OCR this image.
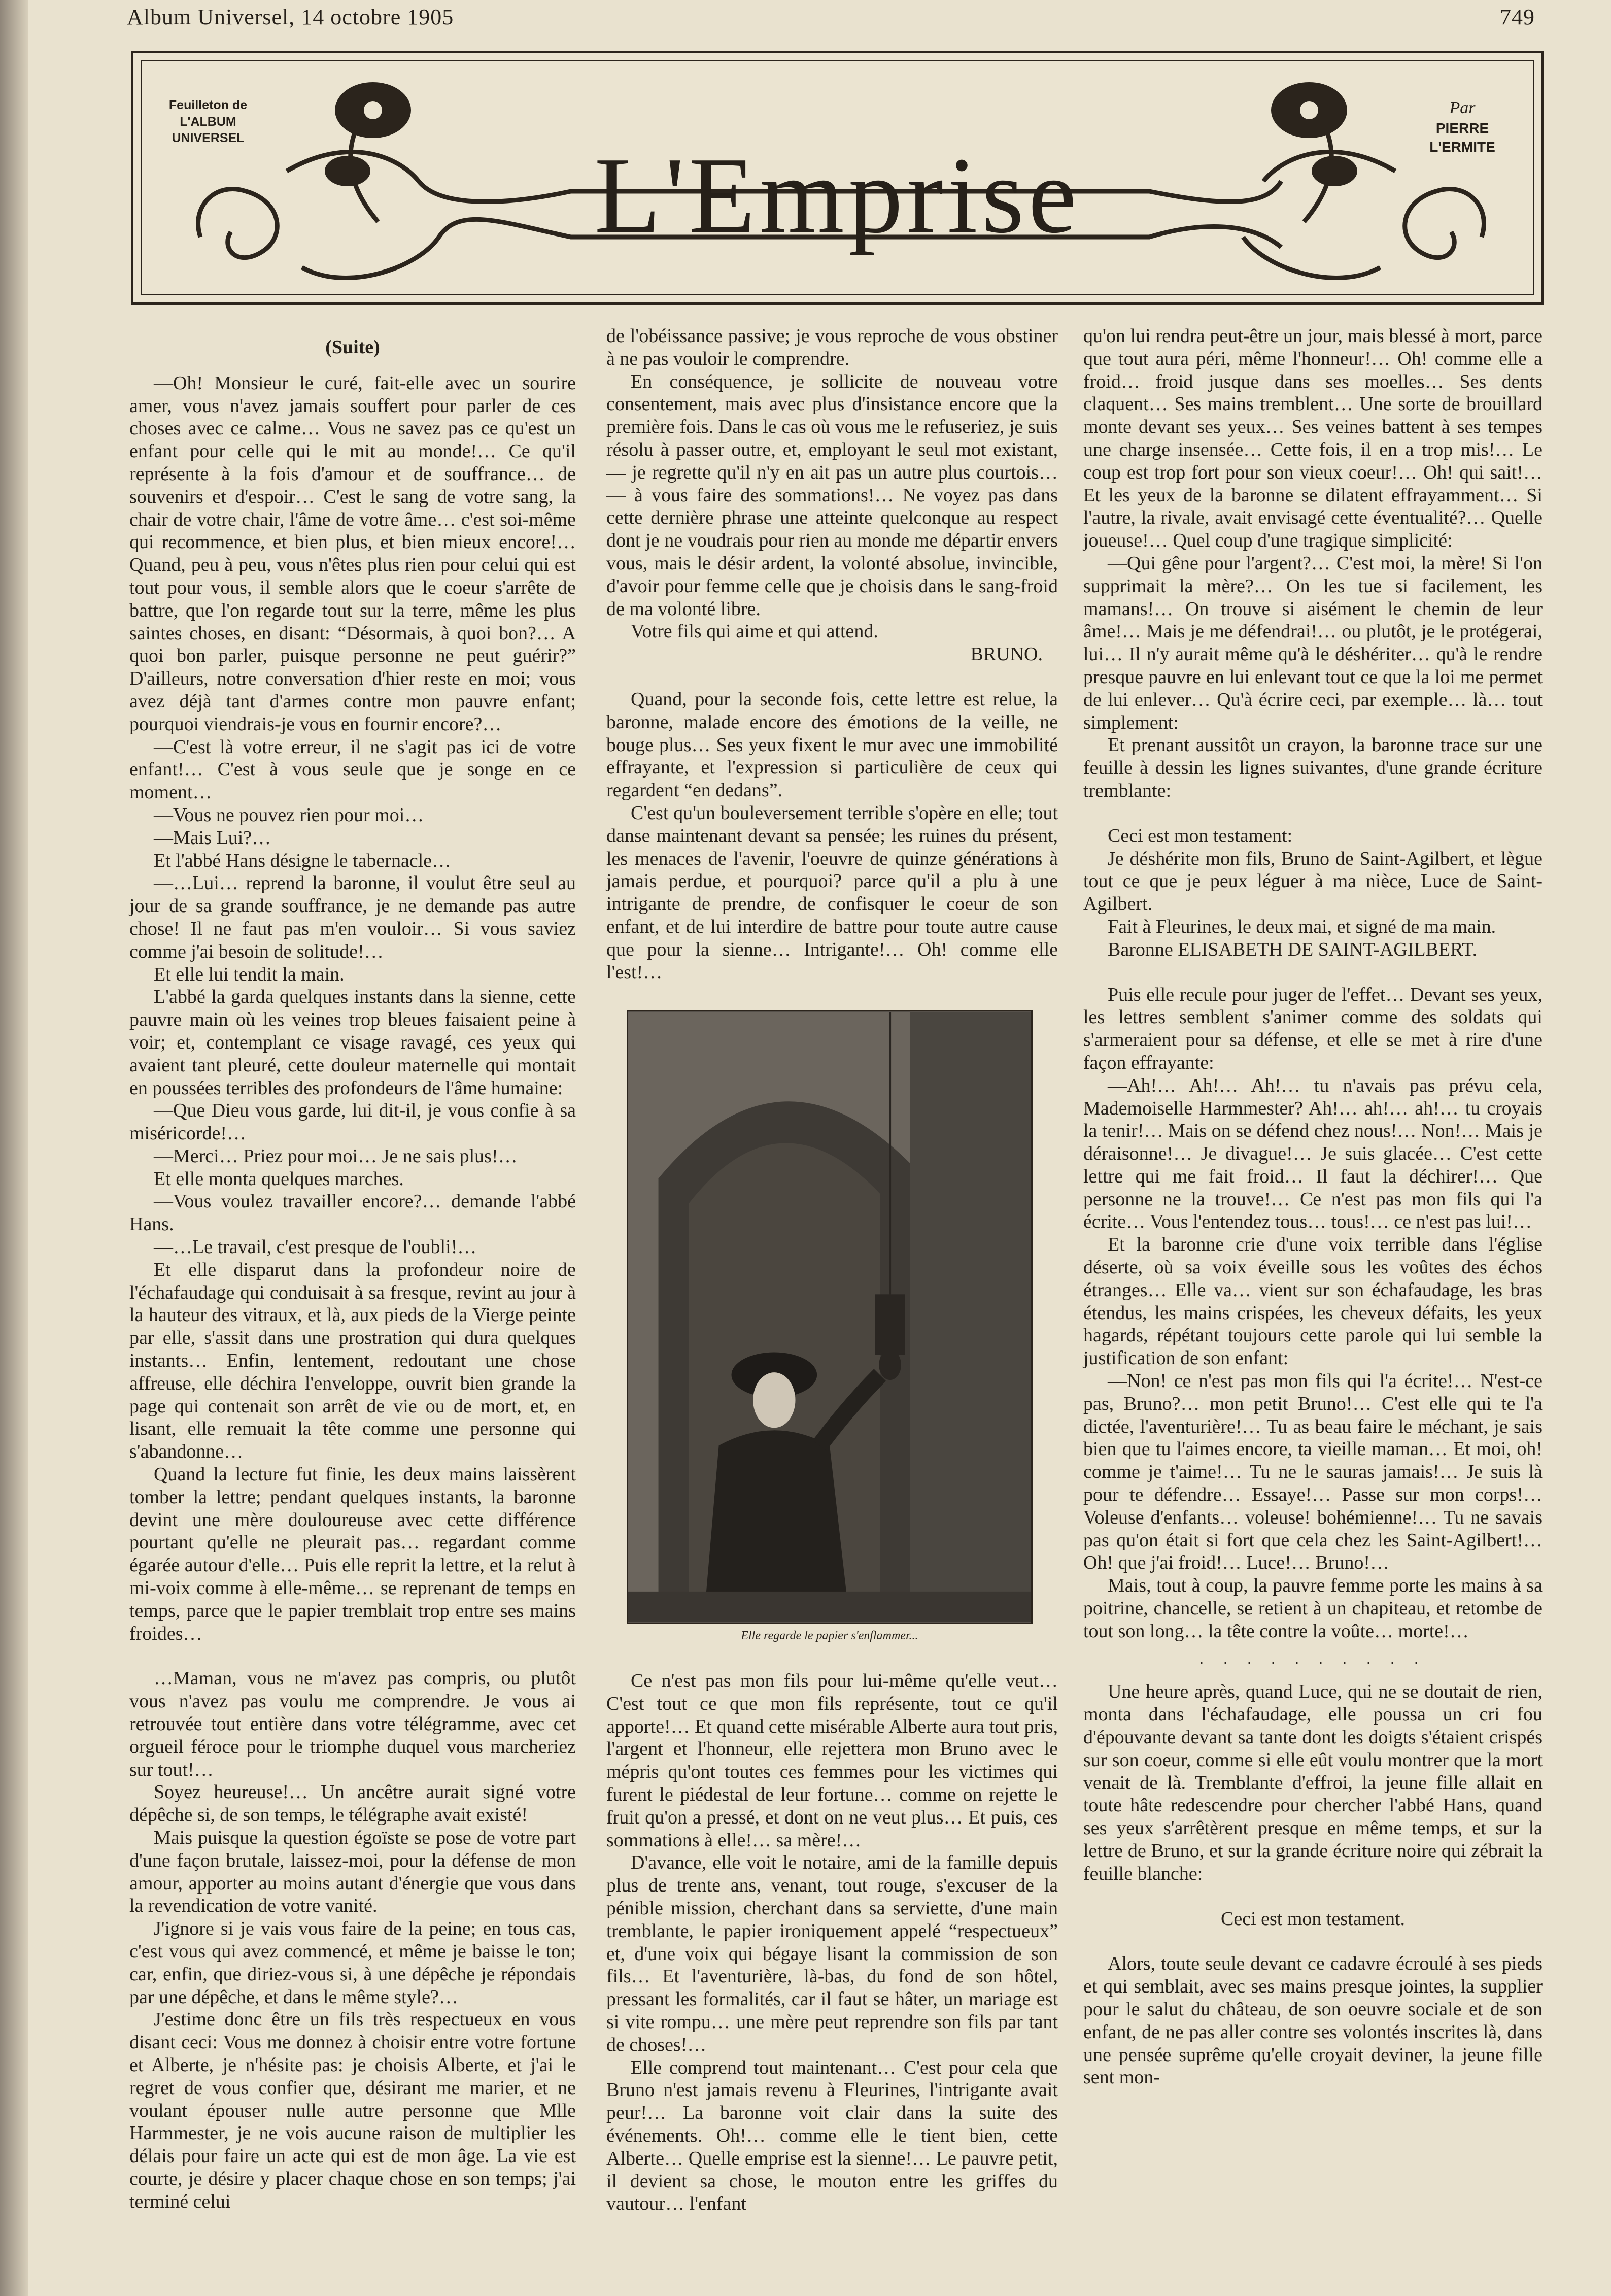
Album Universel, 14 octobre 1905	749
Feuilleton de
L'ALBUM
UNIVERSEL	L'Emprise
Par
PIERRE
L'ERMITE
(Suite)

—Oh! Monsieur le curé, fait-elle avec un sourire amer, vous n'avez jamais souffert pour parler de ces choses avec ce calme… Vous ne savez pas ce qu'est un enfant pour celle qui le mit au monde!… Ce qu'il représente à la fois d'amour et de souffrance… de souvenirs et d'espoir… C'est le sang de votre sang, la chair de votre chair, l'âme de votre âme… c'est soi-même qui recommence, et bien plus, et bien mieux encore!… Quand, peu à peu, vous n'êtes plus rien pour celui qui est tout pour vous, il semble alors que le coeur s'arrête de battre, que l'on regarde tout sur la terre, même les plus saintes choses, en disant: “Désormais, à quoi bon?… A quoi bon parler, puisque personne ne peut guérir?” D'ailleurs, notre conversation d'hier reste en moi; vous avez déjà tant d'armes contre mon pauvre enfant; pourquoi viendrais-je vous en fournir encore?…

—C'est là votre erreur, il ne s'agit pas ici de votre enfant!… C'est à vous seule que je songe en ce moment…

—Vous ne pouvez rien pour moi…

—Mais Lui?…

Et l'abbé Hans désigne le tabernacle…

—…Lui… reprend la baronne, il voulut être seul au jour de sa grande souffrance, je ne demande pas autre chose! Il ne faut pas m'en vouloir… Si vous saviez comme j'ai besoin de solitude!…

Et elle lui tendit la main.

L'abbé la garda quelques instants dans la sienne, cette pauvre main où les veines trop bleues faisaient peine à voir; et, contemplant ce visage ravagé, ces yeux qui avaient tant pleuré, cette douleur maternelle qui montait en poussées terribles des profondeurs de l'âme humaine:

—Que Dieu vous garde, lui dit-il, je vous confie à sa miséricorde!…

—Merci… Priez pour moi… Je ne sais plus!…

Et elle monta quelques marches.

—Vous voulez travailler encore?… demande l'abbé Hans.

—…Le travail, c'est presque de l'oubli!…

Et elle disparut dans la profondeur noire de l'échafaudage qui conduisait à sa fresque, revint au jour à la hauteur des vitraux, et là, aux pieds de la Vierge peinte par elle, s'assit dans une prostration qui dura quelques instants… Enfin, lentement, redoutant une chose affreuse, elle déchira l'enveloppe, ouvrit bien grande la page qui contenait son arrêt de vie ou de mort, et, en lisant, elle remuait la tête comme une personne qui s'abandonne…

Quand la lecture fut finie, les deux mains laissèrent tomber la lettre; pendant quelques instants, la baronne devint une mère douloureuse avec cette différence pourtant qu'elle ne pleurait pas… regardant comme égarée autour d'elle… Puis elle reprit la lettre, et la relut à mi-voix comme à elle-même… se reprenant de temps en temps, parce que le papier tremblait trop entre ses mains froides…

…Maman, vous ne m'avez pas compris, ou plutôt vous n'avez pas voulu me comprendre. Je vous ai retrouvée tout entière dans votre télégramme, avec cet orgueil féroce pour le triomphe duquel vous marcheriez sur tout!…

Soyez heureuse!… Un ancêtre aurait signé votre dépêche si, de son temps, le télégraphe avait existé!

Mais puisque la question égoïste se pose de votre part d'une façon brutale, laissez-moi, pour la défense de mon amour, apporter au moins autant d'énergie que vous dans la revendication de votre vanité.

J'ignore si je vais vous faire de la peine; en tous cas, c'est vous qui avez commencé, et même je baisse le ton; car, enfin, que diriez-vous si, à une dépêche je répondais par une dépêche, et dans le même style?…

J'estime donc être un fils très respectueux en vous disant ceci: Vous me donnez à choisir entre votre fortune et Alberte, je n'hésite pas: je choisis Alberte, et j'ai le regret de vous confier que, désirant me marier, et ne voulant épouser nulle autre personne que Mlle Harmmester, je ne vois aucune raison de multiplier les délais pour faire un acte qui est de mon âge. La vie est courte, je désire y placer chaque chose en son temps; j'ai terminé celui

de l'obéissance passive; je vous reproche de vous obstiner à ne pas vouloir le comprendre.

En conséquence, je sollicite de nouveau votre consentement, mais avec plus d'insistance encore que la première fois. Dans le cas où vous me le refuseriez, je suis résolu à passer outre, et, employant le seul mot existant, — je regrette qu'il n'y en ait pas un autre plus courtois… — à vous faire des sommations!… Ne voyez pas dans cette dernière phrase une atteinte quelconque au respect dont je ne voudrais pour rien au monde me départir envers vous, mais le désir ardent, la volonté absolue, invincible, d'avoir pour femme celle que je choisis dans le sang-froid de ma volonté libre.

Votre fils qui aime et qui attend.

BRUNO.

Quand, pour la seconde fois, cette lettre est relue, la baronne, malade encore des émotions de la veille, ne bouge plus… Ses yeux fixent le mur avec une immobilité effrayante, et l'expression si particulière de ceux qui regardent “en dedans”.

C'est qu'un bouleversement terrible s'opère en elle; tout danse maintenant devant sa pensée; les ruines du présent, les menaces de l'avenir, l'oeuvre de quinze générations à jamais perdue, et pourquoi? parce qu'il a plu à une intrigante de prendre, de confisquer le coeur de son enfant, et de lui interdire de battre pour toute autre cause que pour la sienne… Intrigante!… Oh! comme elle l'est!…

Elle regarde le papier s'enflammer...

Ce n'est pas mon fils pour lui-même qu'elle veut… C'est tout ce que mon fils représente, tout ce qu'il apporte!… Et quand cette misérable Alberte aura tout pris, l'argent et l'honneur, elle rejettera mon Bruno avec le mépris qu'ont toutes ces femmes pour les victimes qui furent le piédestal de leur fortune… comme on rejette le fruit qu'on a pressé, et dont on ne veut plus… Et puis, ces sommations à elle!… sa mère!…

D'avance, elle voit le notaire, ami de la famille depuis plus de trente ans, venant, tout rouge, s'excuser de la pénible mission, cherchant dans sa serviette, d'une main tremblante, le papier ironiquement appelé “respectueux” et, d'une voix qui bégaye lisant la commission de son fils… Et l'aventurière, là-bas, du fond de son hôtel, pressant les formalités, car il faut se hâter, un mariage est si vite rompu… une mère peut reprendre son fils par tant de choses!…

Elle comprend tout maintenant… C'est pour cela que Bruno n'est jamais revenu à Fleurines, l'intrigante avait peur!… La baronne voit clair dans la suite des événements. Oh!… comme elle le tient bien, cette Alberte… Quelle emprise est la sienne!… Le pauvre petit, il devient sa chose, le mouton entre les griffes du vautour… l'enfant

qu'on lui rendra peut-être un jour, mais blessé à mort, parce que tout aura péri, même l'honneur!… Oh! comme elle a froid… froid jusque dans ses moelles… Ses dents claquent… Ses mains tremblent… Une sorte de brouillard monte devant ses yeux… Ses veines battent à ses tempes une charge insensée… Cette fois, il en a trop mis!… Le coup est trop fort pour son vieux coeur!… Oh! qui sait!… Et les yeux de la baronne se dilatent effrayamment… Si l'autre, la rivale, avait envisagé cette éventualité?… Quelle joueuse!… Quel coup d'une tragique simplicité:

—Qui gêne pour l'argent?… C'est moi, la mère! Si l'on supprimait la mère?… On les tue si facilement, les mamans!… On trouve si aisément le chemin de leur âme!… Mais je me défendrai!… ou plutôt, je le protégerai, lui… Il n'y aurait même qu'à le déshériter… qu'à le rendre presque pauvre en lui enlevant tout ce que la loi me permet de lui enlever… Qu'à écrire ceci, par exemple… là… tout simplement:

Et prenant aussitôt un crayon, la baronne trace sur une feuille à dessin les lignes suivantes, d'une grande écriture tremblante:

Ceci est mon testament:

Je déshérite mon fils, Bruno de Saint-Agilbert, et lègue tout ce que je peux léguer à ma nièce, Luce de Saint-Agilbert.

Fait à Fleurines, le deux mai, et signé de ma main.

Baronne ELISABETH DE SAINT-AGILBERT.

Puis elle recule pour juger de l'effet… Devant ses yeux, les lettres semblent s'animer comme des soldats qui s'armeraient pour sa défense, et elle se met à rire d'une façon effrayante:

—Ah!… Ah!… Ah!… tu n'avais pas prévu cela, Mademoiselle Harmmester? Ah!… ah!… ah!… tu croyais la tenir!… Mais on se défend chez nous!… Non!… Mais je déraisonne!… Je divague!… Je suis glacée… C'est cette lettre qui me fait froid… Il faut la déchirer!… Que personne ne la trouve!… Ce n'est pas mon fils qui l'a écrite… Vous l'entendez tous… tous!… ce n'est pas lui!…

Et la baronne crie d'une voix terrible dans l'église déserte, où sa voix éveille sous les voûtes des échos étranges… Elle va… vient sur son échafaudage, les bras étendus, les mains crispées, les cheveux défaits, les yeux hagards, répétant toujours cette parole qui lui semble la justification de son enfant:

—Non! ce n'est pas mon fils qui l'a écrite!… N'est-ce pas, Bruno?… mon petit Bruno!… C'est elle qui te l'a dictée, l'aventurière!… Tu as beau faire le méchant, je sais bien que tu l'aimes encore, ta vieille maman… Et moi, oh! comme je t'aime!… Tu ne le sauras jamais!… Je suis là pour te défendre… Essaye!… Passe sur mon corps!… Voleuse d'enfants… voleuse! bohémienne!… Tu ne savais pas qu'on était si fort que cela chez les Saint-Agilbert!… Oh! que j'ai froid!… Luce!… Bruno!…

Mais, tout à coup, la pauvre femme porte les mains à sa poitrine, chancelle, se retient à un chapiteau, et retombe de tout son long… la tête contre la voûte… morte!…

. . . . . . . . . .

Une heure après, quand Luce, qui ne se doutait de rien, monta dans l'échafaudage, elle poussa un cri fou d'épouvante devant sa tante dont les doigts s'étaient crispés sur son coeur, comme si elle eût voulu montrer que la mort venait de là. Tremblante d'effroi, la jeune fille allait en toute hâte redescendre pour chercher l'abbé Hans, quand ses yeux s'arrêtèrent presque en même temps, et sur la lettre de Bruno, et sur la grande écriture noire qui zébrait la feuille blanche:

Ceci est mon testament.

Alors, toute seule devant ce cadavre écroulé à ses pieds et qui semblait, avec ses mains presque jointes, la supplier pour le salut du château, de son oeuvre sociale et de son enfant, de ne pas aller contre ses volontés inscrites là, dans une pensée suprême qu'elle croyait deviner, la jeune fille sent mon-
